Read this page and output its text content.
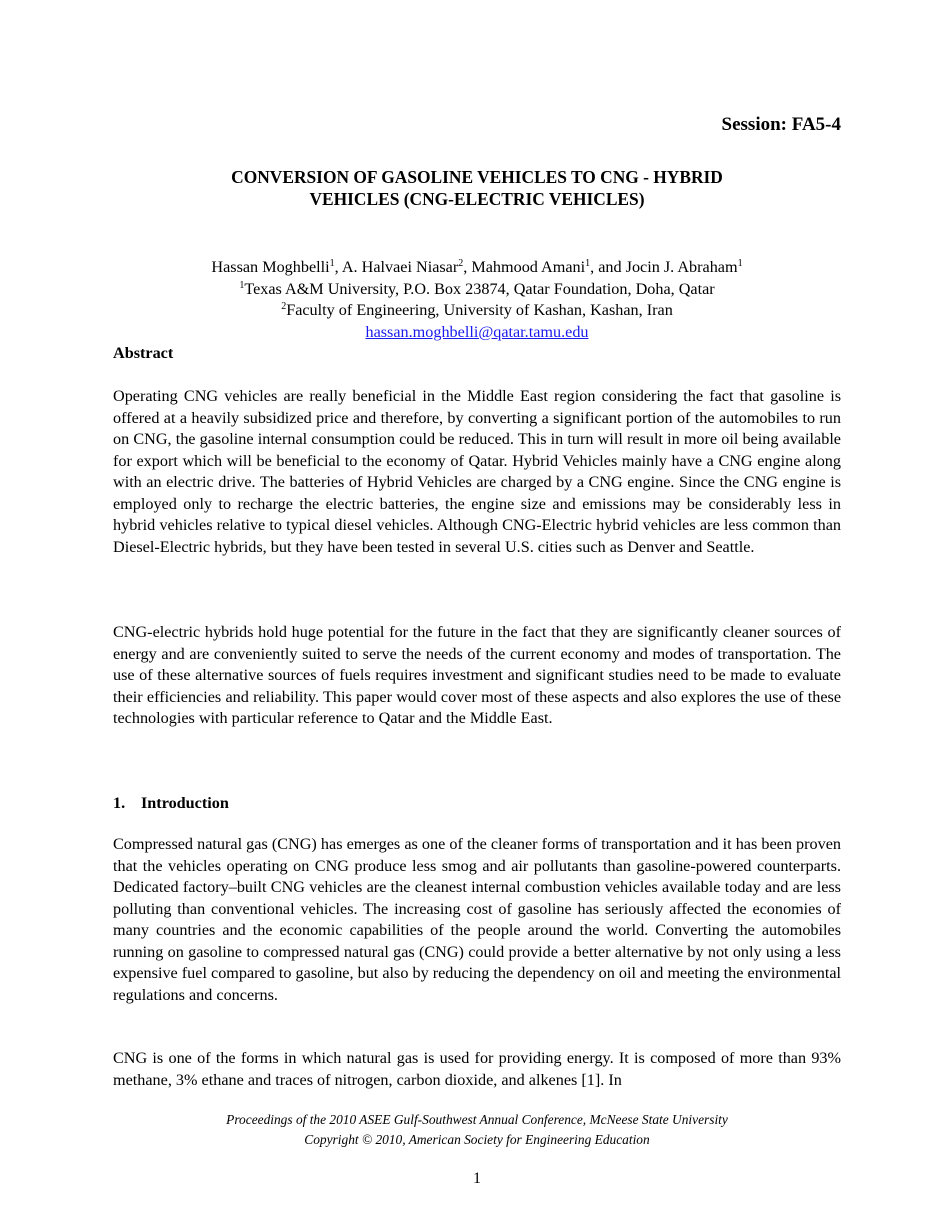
Session: FA5-4
CONVERSION OF GASOLINE VEHICLES TO CNG - HYBRID
VEHICLES (CNG-ELECTRIC VEHICLES)
Hassan Moghbelli$^1$, A. Halvaei Niasar$^2$, Mahmood Amani$^1$, and Jocin J. Abraham$^1$
$^1$Texas A&M University, P.O. Box 23874, Qatar Foundation, Doha, Qatar
$^2$Faculty of Engineering, University of Kashan, Kashan, Iran
hassan.moghbelli@qatar.tamu.edu
Abstract

Operating CNG vehicles are really beneficial in the Middle East region considering the fact that gasoline is offered at a heavily subsidized price and therefore, by converting a significant portion of the automobiles to run on CNG, the gasoline internal consumption could be reduced. This in turn will result in more oil being available for export which will be beneficial to the economy of Qatar. Hybrid Vehicles mainly have a CNG engine along with an electric drive. The batteries of Hybrid Vehicles are charged by a CNG engine. Since the CNG engine is employed only to recharge the electric batteries, the engine size and emissions may be considerably less in hybrid vehicles relative to typical diesel vehicles. Although CNG-Electric hybrid vehicles are less common than Diesel-Electric hybrids, but they have been tested in several U.S. cities such as Denver and Seattle.

CNG-electric hybrids hold huge potential for the future in the fact that they are significantly cleaner sources of energy and are conveniently suited to serve the needs of the current economy and modes of transportation. The use of these alternative sources of fuels requires investment and significant studies need to be made to evaluate their efficiencies and reliability. This paper would cover most of these aspects and also explores the use of these technologies with particular reference to Qatar and the Middle East.

1. Introduction

Compressed natural gas (CNG) has emerges as one of the cleaner forms of transportation and it has been proven that the vehicles operating on CNG produce less smog and air pollutants than gasoline-powered counterparts. Dedicated factory–built CNG vehicles are the cleanest internal combustion vehicles available today and are less polluting than conventional vehicles. The increasing cost of gasoline has seriously affected the economies of many countries and the economic capabilities of the people around the world. Converting the automobiles running on gasoline to compressed natural gas (CNG) could provide a better alternative by not only using a less expensive fuel compared to gasoline, but also by reducing the dependency on oil and meeting the environmental regulations and concerns.

CNG is one of the forms in which natural gas is used for providing energy. It is composed of more than 93% methane, 3% ethane and traces of nitrogen, carbon dioxide, and alkenes [1]. In

Proceedings of the 2010 ASEE Gulf-Southwest Annual Conference, McNeese State University
Copyright © 2010, American Society for Engineering Education
1
